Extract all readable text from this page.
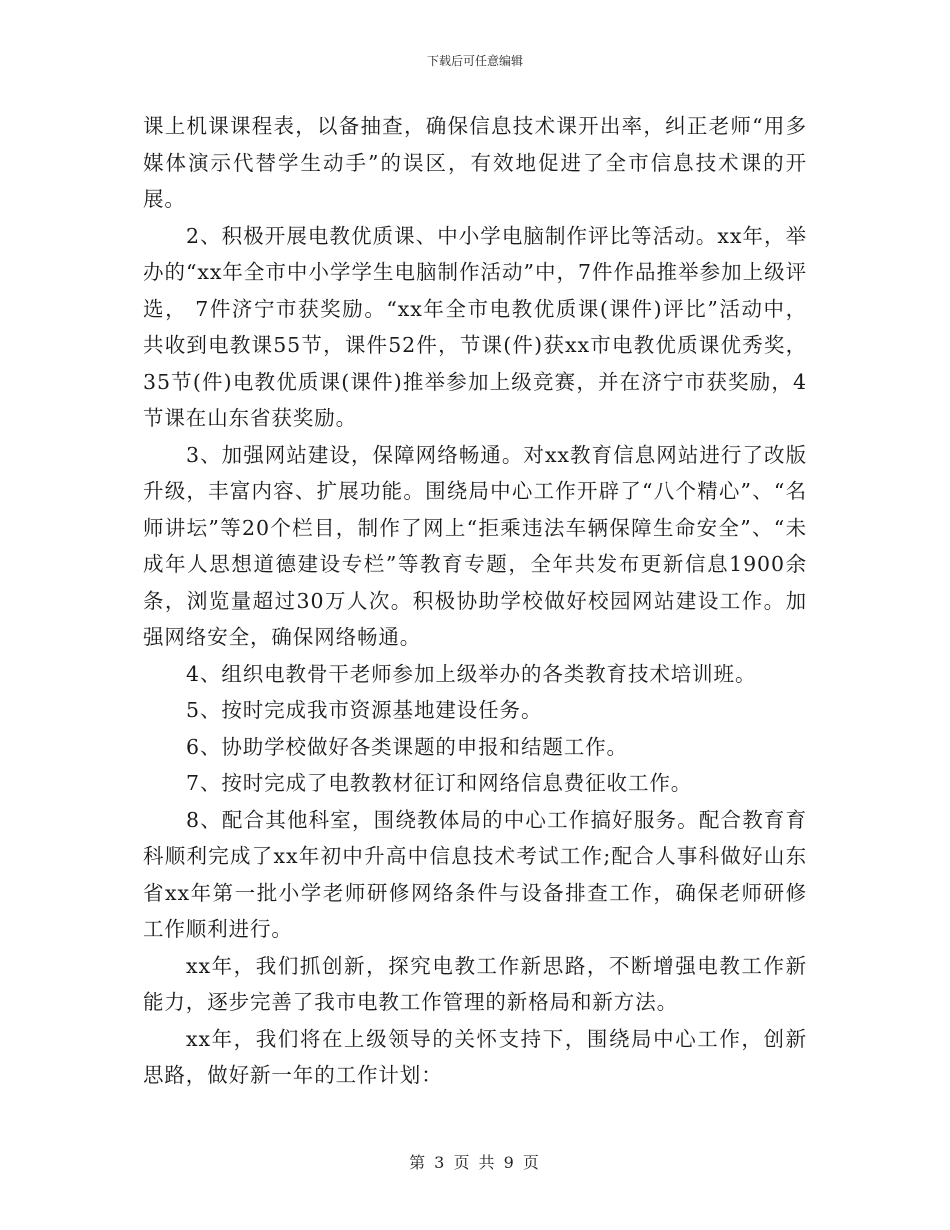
下载后可任意编辑

课上机课课程表，以备抽查，确保信息技术课开出率，纠正老师“用多媒体演示代替学生动手”的误区，有效地促进了全市信息技术课的开展。

2、积极开展电教优质课、中小学电脑制作评比等活动。xx年，举办的“xx年全市中小学学生电脑制作活动”中，7件作品推举参加上级评选， 7件济宁市获奖励。“xx年全市电教优质课(课件)评比”活动中，共收到电教课55节，课件52件，节课(件)获xx市电教优质课优秀奖，35节(件)电教优质课(课件)推举参加上级竞赛，并在济宁市获奖励，4节课在山东省获奖励。

3、加强网站建设，保障网络畅通。对xx教育信息网站进行了改版升级，丰富内容、扩展功能。围绕局中心工作开辟了“八个精心”、“名师讲坛”等20个栏目，制作了网上“拒乘违法车辆保障生命安全”、“未成年人思想道德建设专栏”等教育专题，全年共发布更新信息1900余条，浏览量超过30万人次。积极协助学校做好校园网站建设工作。加强网络安全，确保网络畅通。

4、组织电教骨干老师参加上级举办的各类教育技术培训班。

5、按时完成我市资源基地建设任务。

6、协助学校做好各类课题的申报和结题工作。

7、按时完成了电教教材征订和网络信息费征收工作。

8、配合其他科室，围绕教体局的中心工作搞好服务。配合教育育科顺利完成了xx年初中升高中信息技术考试工作;配合人事科做好山东省xx年第一批小学老师研修网络条件与设备排查工作，确保老师研修工作顺利进行。

xx年，我们抓创新，探究电教工作新思路，不断增强电教工作新能力，逐步完善了我市电教工作管理的新格局和新方法。

xx年，我们将在上级领导的关怀支持下，围绕局中心工作，创新思路，做好新一年的工作计划：

第 3 页 共 9 页
